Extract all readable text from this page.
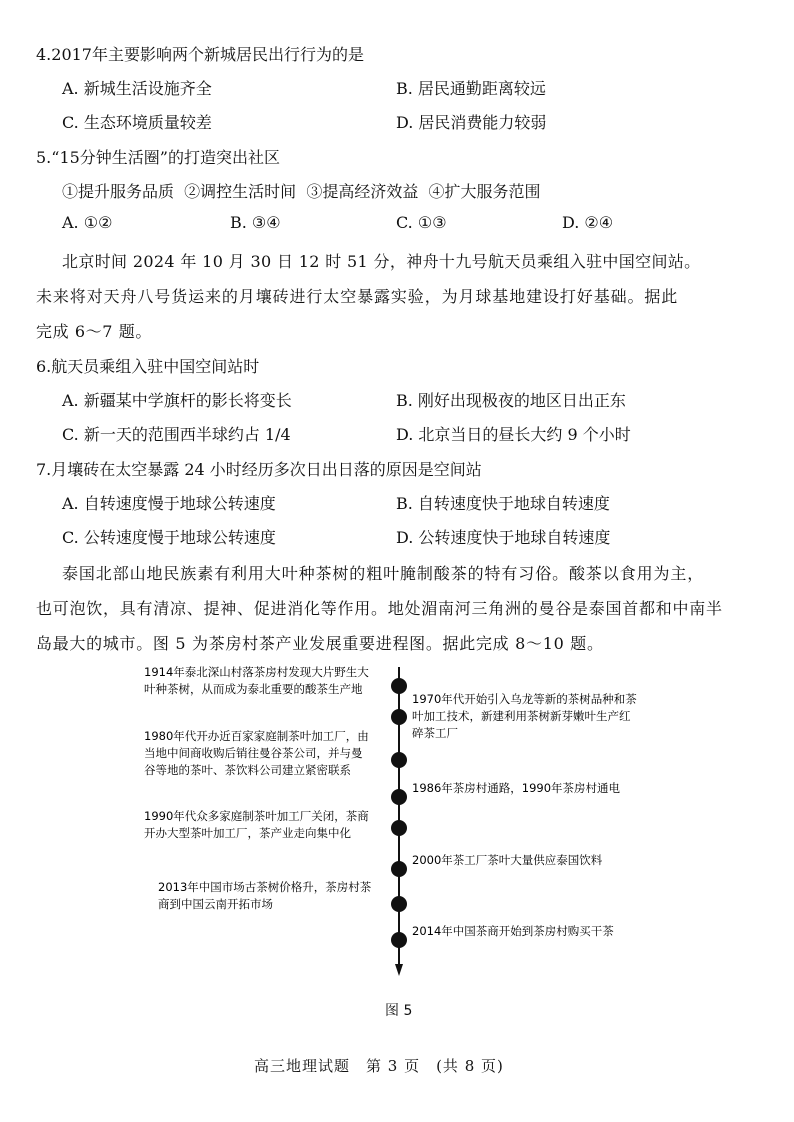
4.2017年主要影响两个新城居民出行行为的是
A. 新城生活设施齐全	B. 居民通勤距离较远
C. 生态环境质量较差	D. 居民消费能力较弱
5.“15分钟生活圈”的打造突出社区
①提升服务品质  ②调控生活时间  ③提高经济效益  ④扩大服务范围
A. ①②	B. ③④	C. ①③	D. ②④
北京时间 2024 年 10 月 30 日 12 时 51 分，神舟十九号航天员乘组入驻中国空间站。
未来将对天舟八号货运来的月壤砖进行太空暴露实验，为月球基地建设打好基础。据此
完成 6～7 题。
6.航天员乘组入驻中国空间站时
A. 新疆某中学旗杆的影长将变长	B. 刚好出现极夜的地区日出正东
C. 新一天的范围西半球约占 1/4	D. 北京当日的昼长大约 9 个小时
7.月壤砖在太空暴露 24 小时经历多次日出日落的原因是空间站
A. 自转速度慢于地球公转速度	B. 自转速度快于地球自转速度
C. 公转速度慢于地球公转速度	D. 公转速度快于地球自转速度
泰国北部山地民族素有利用大叶种茶树的粗叶腌制酸茶的特有习俗。酸茶以食用为主，
也可泡饮，具有清凉、提神、促进消化等作用。地处湄南河三角洲的曼谷是泰国首都和中南半
岛最大的城市。图 5 为茶房村茶产业发展重要进程图。据此完成 8～10 题。
1914年泰北深山村落茶房村发现大片野生大叶种茶树，从而成为泰北重要的酸茶生产地
1970年代开始引入乌龙等新的茶树品种和茶叶加工技术，新建利用茶树新芽嫩叶生产红碎茶工厂
1980年代开办近百家家庭制茶叶加工厂，由当地中间商收购后销往曼谷茶公司，并与曼谷等地的茶叶、茶饮料公司建立紧密联系
1986年茶房村通路，1990年茶房村通电
1990年代众多家庭制茶叶加工厂关闭，茶商开办大型茶叶加工厂，茶产业走向集中化
2000年茶工厂茶叶大量供应泰国饮料
2013年中国市场古茶树价格升，茶房村茶商到中国云南开拓市场
2014年中国茶商开始到茶房村购买干茶
图 5
高三地理试题　第 3 页　(共 8 页)
